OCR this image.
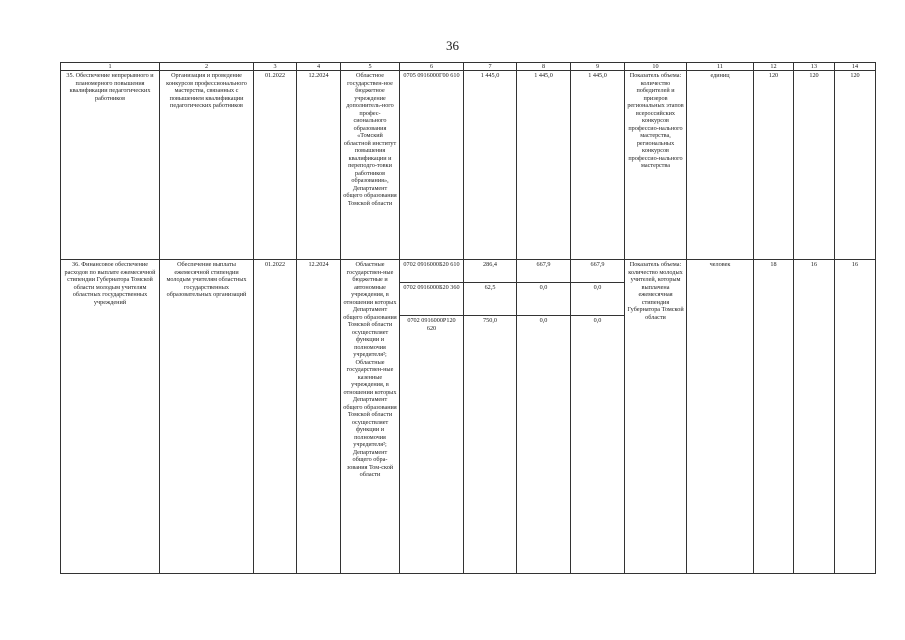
36
1	2	3	4	5	6	7	8	9	10	11	12	13	14
35. Обеспечение непрерывного и планомерного повышения квалификации педагогических работников	Организация и проведение конкурсов профессионального мастерства, связанных с повышением квалификации педагогических работников	01.2022	12.2024	Областное государствен-ное бюджетное учреждение дополнитель-ного профес-сионального образования «Томский областной институт повышения квалификации и переподго-товки работников образования», Департамент общего образования Томской области	0705 0916000Г00 610	1 445,0	1 445,0	1 445,0	Показатель объема: количество победителей и призеров региональных этапов всероссийских конкурсов профессио-нального мастерства, региональных конкурсов профессио-нального мастерства	единиц	120	120	120
36. Финансовое обеспечение расходов по выплате ежемесячной стипендии Губернатора Томской области молодым учителям областных государственных учреждений	Обеспечение выплаты ежемесячной стипендии молодым учителям областных государственных образовательных организаций	01.2022	12.2024	Областные государствен-ные бюджетные и автономные учреждения, в отношении которых Департамент общего образования Томской области осуществляет функции и полномочия учредителя²; Областные государствен-ные казенные учреждения, в отношении которых Департамент общего образования Томской области осуществляет функции и полномочия учредителя²; Департамент общего обра-зования Том-ской области	0702 0916000Б20 610	286,4	667,9	667,9	Показатель объема: количество молодых учителей, которым выплачена ежемесячная стипендия Губернатора Томской области	человек	18	16	16
					0702 0916000Б20 360	62,5	0,0	0,0					
					0702 0916000Р120 620	750,0	0,0	0,0					
